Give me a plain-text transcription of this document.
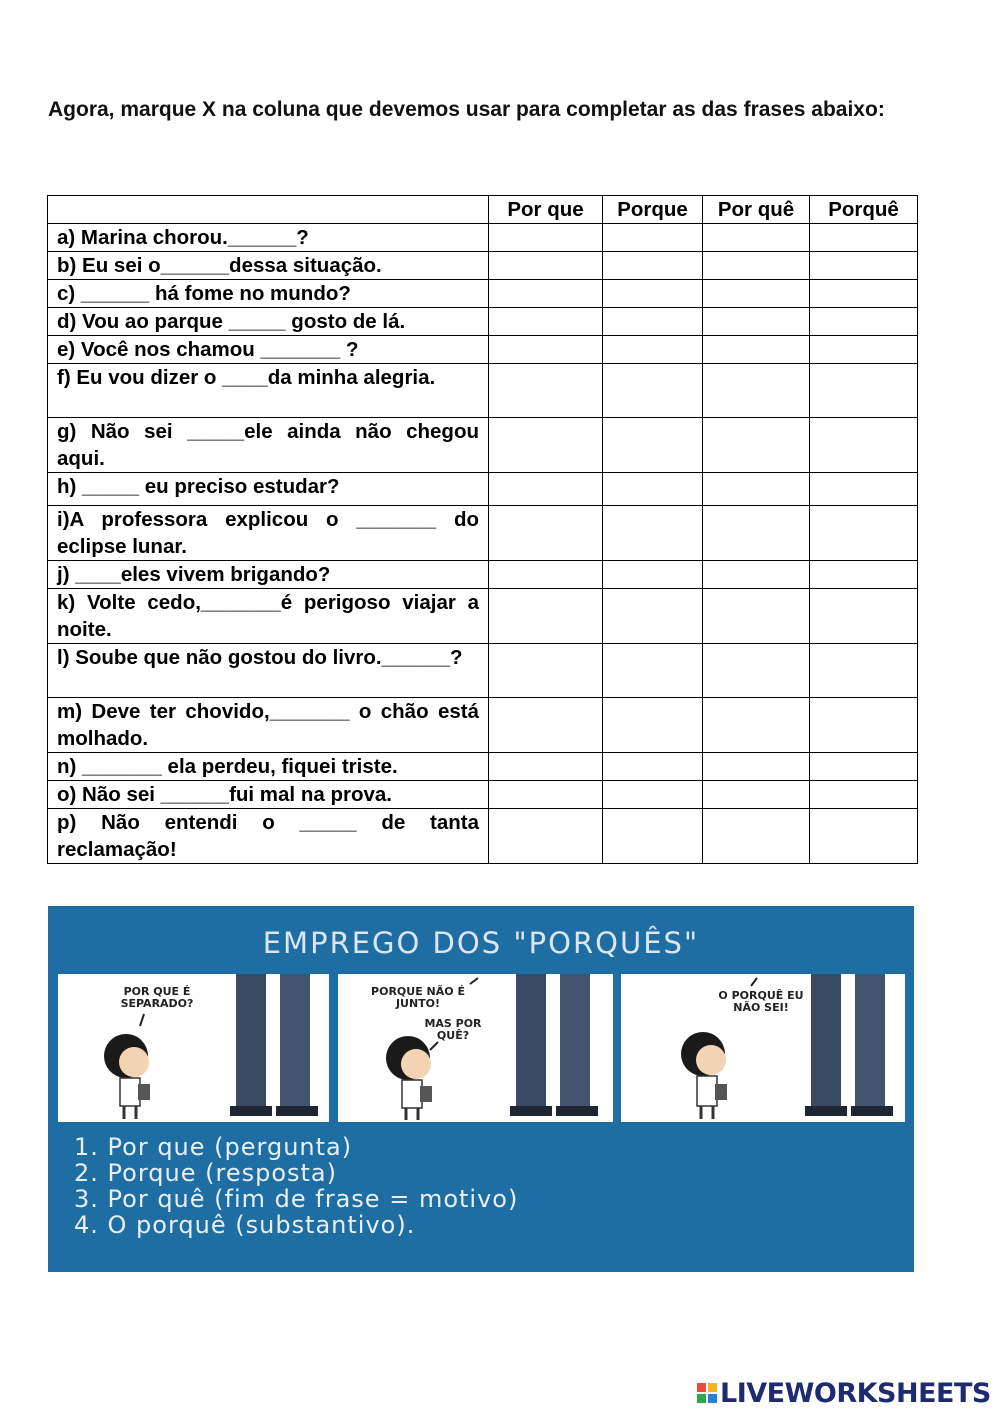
Agora, marque X na coluna que devemos usar para completar as das frases abaixo:
	Por que	Porque	Por quê	Porquê
a) Marina chorou.______?				
b) Eu sei o______dessa situação.				
c) ______ há fome no mundo?				
d) Vou ao parque _____ gosto de lá.				
e) Você nos chamou _______ ?				
f) Eu vou dizer o ____da minha alegria.				
g) Não sei _____ele ainda não chegou aqui.				
h) _____ eu preciso estudar?				
i)A professora explicou o _______ do eclipse lunar.				
j) ____eles vivem brigando?				
k) Volte cedo,_______é perigoso viajar a noite.				
l) Soube que não gostou do livro.______?				
m) Deve ter chovido,_______ o chão está molhado.				
n) _______ ela perdeu, fiquei triste.				
o) Não sei ______fui mal na prova.				
p) Não entendi o _____ de tanta reclamação!				
EMPREGO DOS "PORQUÊS"
POR QUE É SEPARADO?
PORQUE NÃO É JUNTO!
MAS POR QUÊ?
O PORQUÊ EU NÃO SEI!
1. Por que (pergunta)
2. Porque (resposta)
3. Por quê (fim de frase = motivo)
4. O porquê (substantivo).
LIVEWORKSHEETS
